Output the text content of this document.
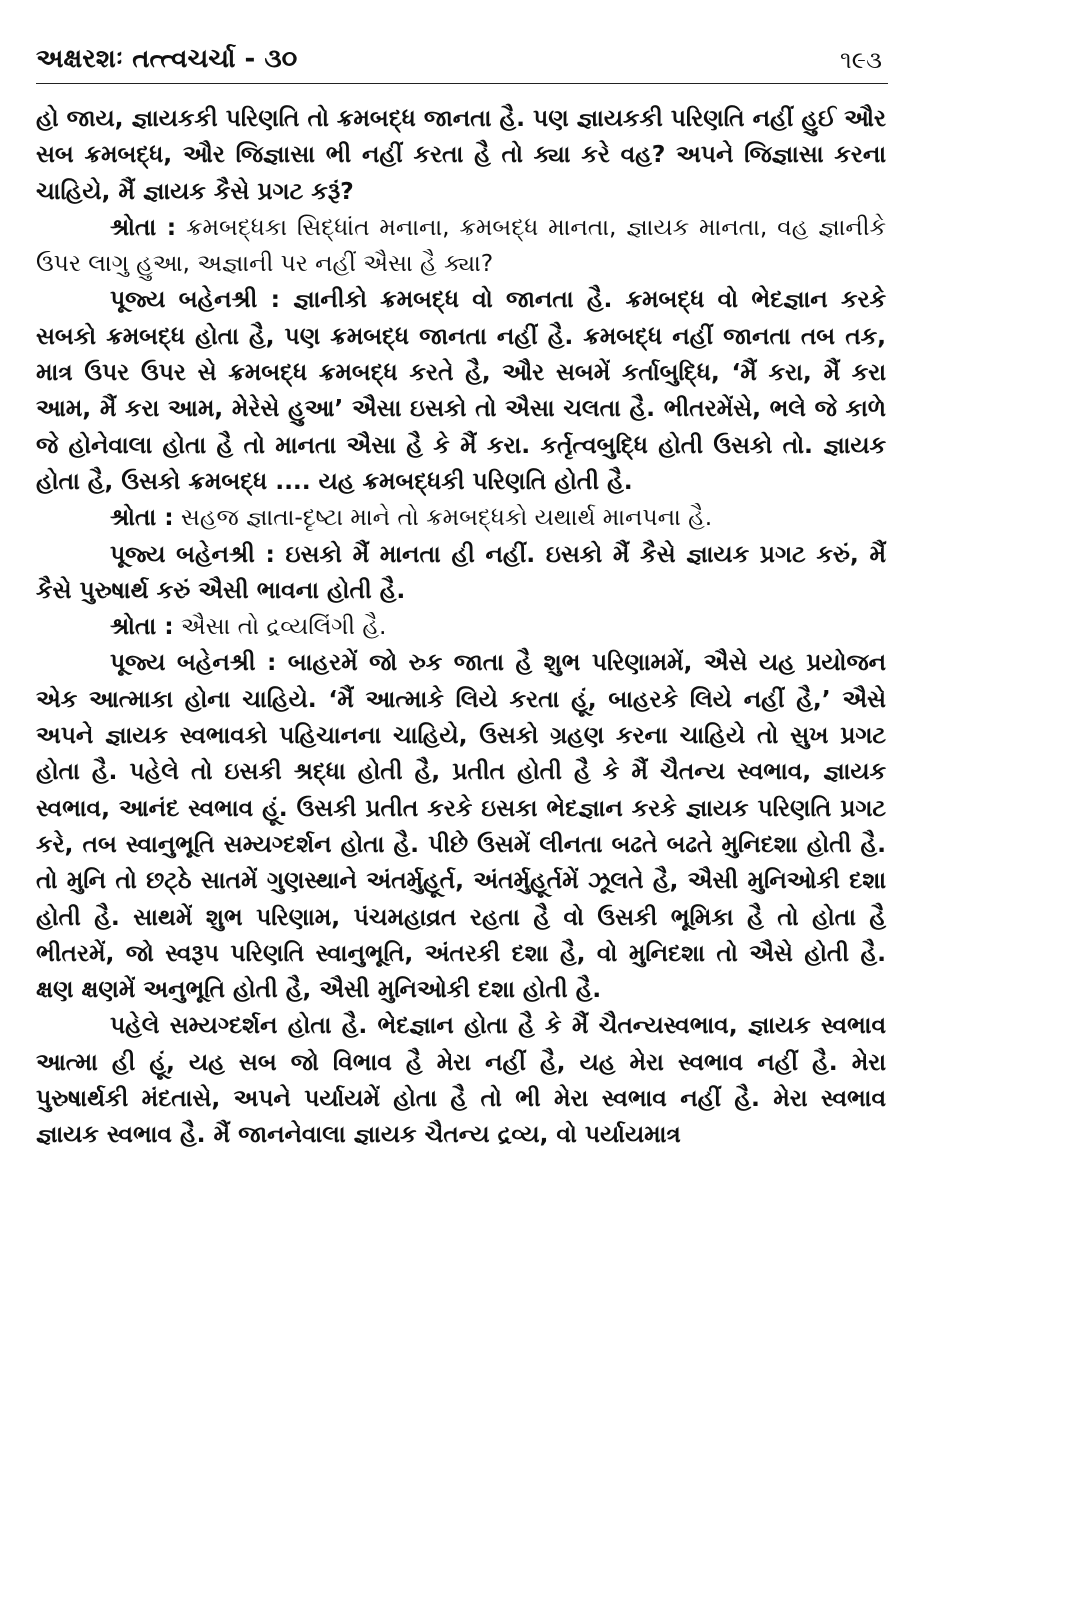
અક્ષરશઃ તત્ત્વચર્ચા - ૩૦	૧૯૩

હો જાય, જ્ઞાયકકી પરિણતિ તો ક્રમબદ્ધ જાનતા હૈ. પણ જ્ઞાયકકી પરિણતિ નહીં હુઈ ઔર સબ ક્રમબદ્ધ, ઔર જિજ્ઞાસા ભી નહીં કરતા હૈ તો ક્યા કરે વહ? અપને જિજ્ઞાસા કરના ચાહિયે, મૈં જ્ઞાયક કૈસે પ્રગટ કરૂં?

શ્રોતા : ક્રમબદ્ધકા સિદ્ધાંત મનાના, ક્રમબદ્ધ માનતા, જ્ઞાયક માનતા, વહ જ્ઞાનીકે ઉપર લાગુ હુઆ, અજ્ઞાની પર નહીં ઐસા હૈ ક્યા?

પૂજ્ય બહેનશ્રી : જ્ઞાનીકો ક્રમબદ્ધ વો જાનતા હૈ. ક્રમબદ્ધ વો ભેદજ્ઞાન કરકે સબકો ક્રમબદ્ધ હોતા હૈ, પણ ક્રમબદ્ધ જાનતા નહીં હૈ. ક્રમબદ્ધ નહીં જાનતા તબ તક, માત્ર ઉપર ઉપર સે ક્રમબદ્ધ ક્રમબદ્ધ કરતે હૈ, ઔર સબમેં કર્તાબુદ્ધિ, ‘મૈં કરા, મૈં કરા આમ, મૈં કરા આમ, મેરેસે હુઆ’ ઐસા ઇસકો તો ઐસા ચલતા હૈ. ભીતરમેંસે, ભલે જે કાળે જે હોનેવાલા હોતા હૈ તો માનતા ઐસા હૈ કે મૈં કરા. કર્તૃત્વબુદ્ધિ હોતી ઉસકો તો. જ્ઞાયક હોતા હૈ, ઉસકો ક્રમબદ્ધ .... યહ ક્રમબદ્ધકી પરિણતિ હોતી હૈ.

શ્રોતા : સહજ જ્ઞાતા-દૃષ્ટા માને તો ક્રમબદ્ધકો યથાર્થ માનપના હૈ.

પૂજ્ય બહેનશ્રી : ઇસકો મૈં માનતા હી નહીં. ઇસકો મૈં કૈસે જ્ઞાયક પ્રગટ કરું, મૈં કૈસે પુરુષાર્થ કરું ઐસી ભાવના હોતી હૈ.

શ્રોતા : ઐસા તો દ્રવ્યલિંગી હૈ.

પૂજ્ય બહેનશ્રી : બાહરમેં જો રુક જાતા હૈ શુભ પરિણામમેં, ઐસે યહ પ્રયોજન એક આત્માકા હોના ચાહિયે. ‘મૈં આત્માકે લિયે કરતા હૂં, બાહરકે લિયે નહીં હૈ,’ ઐસે અપને જ્ઞાયક સ્વભાવકો પહિચાનના ચાહિયે, ઉસકો ગ્રહણ કરના ચાહિયે તો સુખ પ્રગટ હોતા હૈ. પહેલે તો ઇસકી શ્રદ્ધા હોતી હૈ, પ્રતીત હોતી હૈ કે મૈં ચૈતન્ય સ્વભાવ, જ્ઞાયક સ્વભાવ, આનંદ સ્વભાવ હૂં. ઉસકી પ્રતીત કરકે ઇસકા ભેદજ્ઞાન કરકે જ્ઞાયક પરિણતિ પ્રગટ કરે, તબ સ્વાનુભૂતિ સમ્યગ્દર્શન હોતા હૈ. પીછે ઉસમેં લીનતા બઢતે બઢતે મુનિદશા હોતી હૈ. તો મુનિ તો છટ્ઠે સાતમેં ગુણસ્થાને અંતર્મુહૂર્ત, અંતર્મુહૂર્તમેં ઝૂલતે હૈ, ઐસી મુનિઓકી દશા હોતી હૈ. સાથમેં શુભ પરિણામ, પંચમહાવ્રત રહતા હૈ વો ઉસકી ભૂમિકા હૈ તો હોતા હૈ ભીતરમેં, જો સ્વરૂપ પરિણતિ સ્વાનુભૂતિ, અંતરકી દશા હૈ, વો મુનિદશા તો ઐસે હોતી હૈ. ક્ષણ ક્ષણમેં અનુભૂતિ હોતી હૈ, ઐસી મુનિઓકી દશા હોતી હૈ.

પહેલે સમ્યગ્દર્શન હોતા હૈ. ભેદજ્ઞાન હોતા હૈ કે મૈં ચૈતન્યસ્વભાવ, જ્ઞાયક સ્વભાવ આત્મા હી હૂં, યહ સબ જો વિભાવ હૈ મેરા નહીં હૈ, યહ મેરા સ્વભાવ નહીં હૈ. મેરા પુરુષાર્થકી મંદતાસે, અપને પર્યાયમેં હોતા હૈ તો ભી મેરા સ્વભાવ નહીં હૈ. મેરા સ્વભાવ જ્ઞાયક સ્વભાવ હૈ. મૈં જાનનેવાલા જ્ઞાયક ચૈતન્ય દ્રવ્ય, વો પર્યાયમાત્ર
